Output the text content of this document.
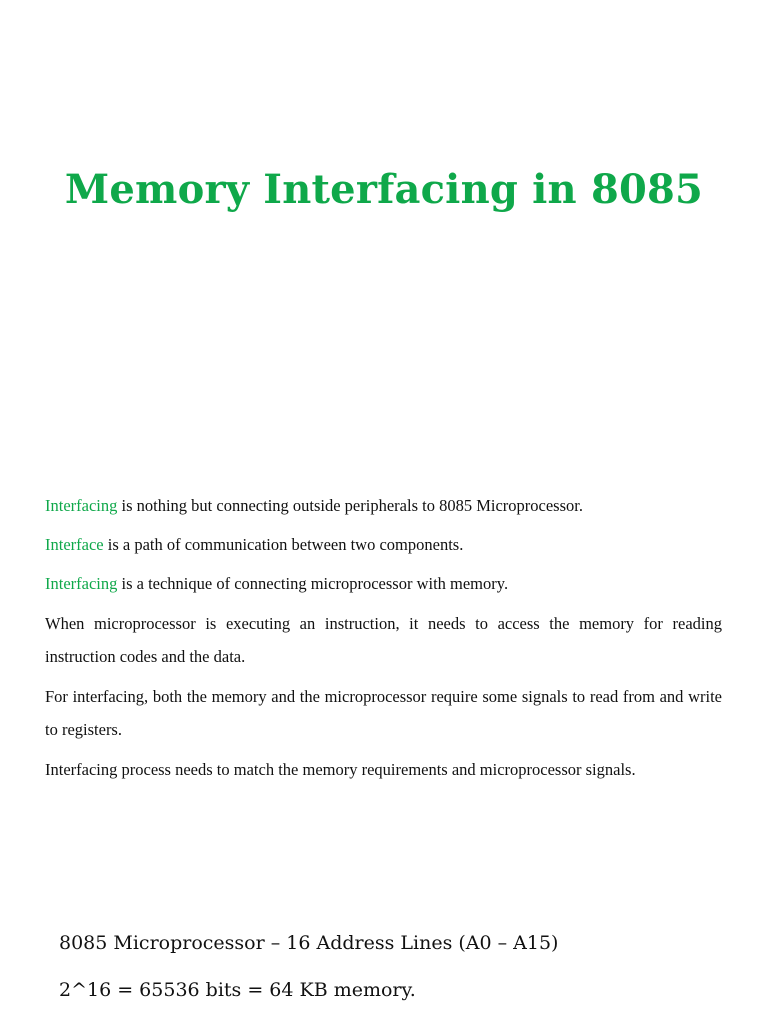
Memory Interfacing in 8085

Interfacing is nothing but connecting outside peripherals to 8085 Microprocessor.

Interface is a path of communication between two components.

Interfacing is a technique of connecting microprocessor with memory.

When microprocessor is executing an instruction, it needs to access the memory for reading instruction codes and the data.

For interfacing, both the memory and the microprocessor require some signals to read from and write to registers.

Interfacing process needs to match the memory requirements and microprocessor signals.

8085 Microprocessor – 16 Address Lines (A0 – A15)
2^16 = 65536 bits = 64 KB memory.
